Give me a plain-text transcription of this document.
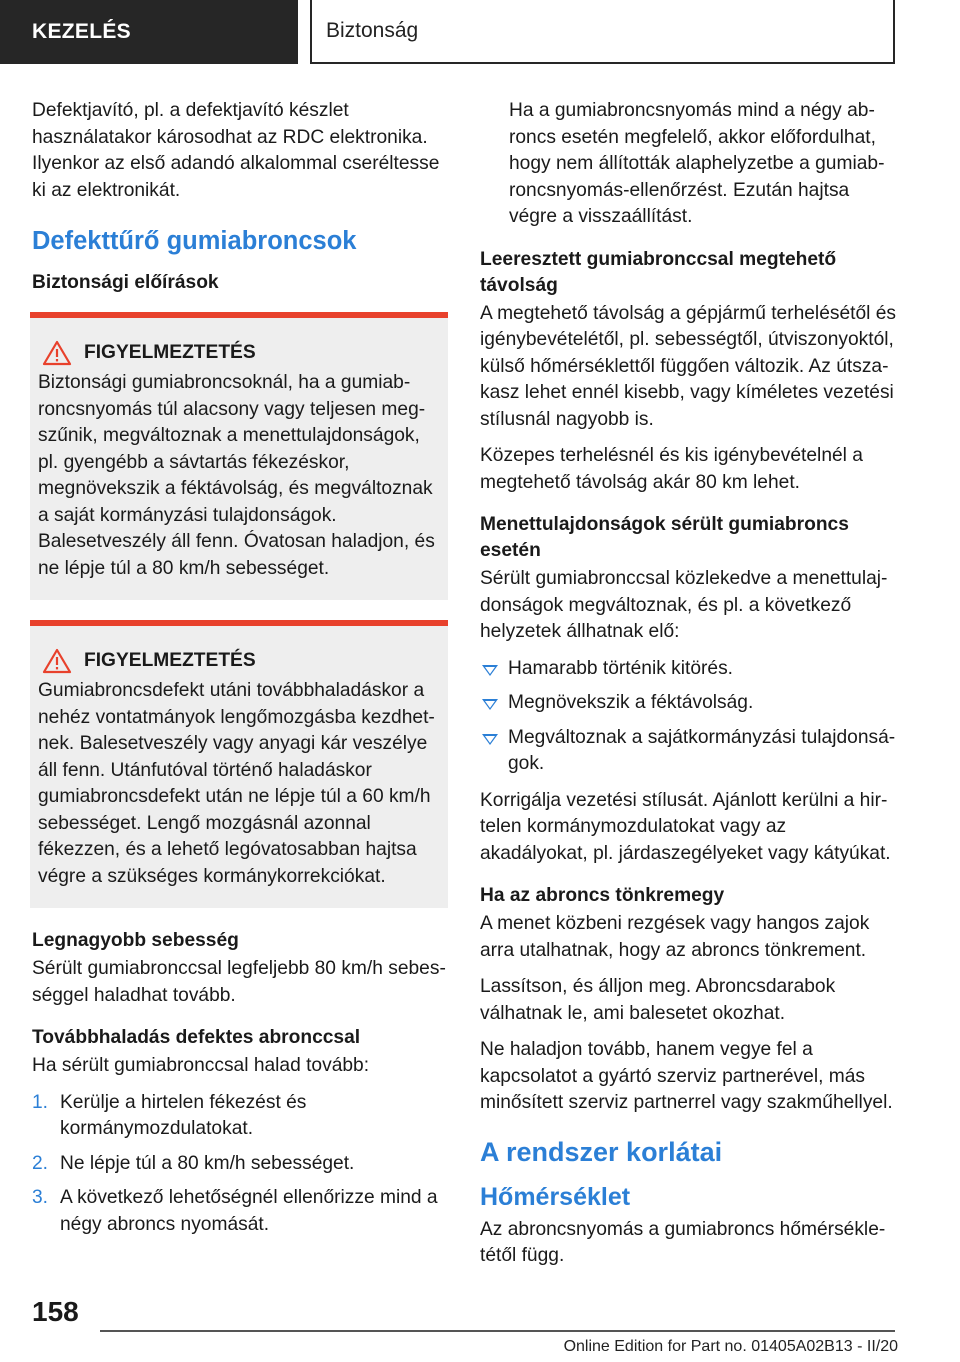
KEZELÉS	Biztonság

Defektjavító, pl. a defektjavító készlet használatakor károsodhat az RDC elektronika. Ilyenkor az első adandó alkalommal cseréltesse ki az elektronikát.

Defekttűrő gumiabroncsok
Biztonsági előírások
FIGYELMEZTETÉS

Biztonsági gumiabroncsoknál, ha a gumiabroncsnyomás túl alacsony vagy teljesen megszűnik, megváltoznak a menettulajdonságok, pl. gyengébb a sávtartás fékezéskor, megnövekszik a féktávolság, és megváltoznak a saját kormányzási tulajdonságok. Balesetveszély áll fenn. Óvatosan haladjon, és ne lépje túl a 80 km/h sebességet.

FIGYELMEZTETÉS

Gumiabroncsdefekt utáni továbbhaladáskor a nehéz vontatmányok lengőmozgásba kezdhetnek. Balesetveszély vagy anyagi kár veszélye áll fenn. Utánfutóval történő haladáskor gumiabroncsdefekt után ne lépje túl a 60 km/h sebességet. Lengő mozgásnál azonnal fékezzen, és a lehető legóvatosabban hajtsa végre a szükséges kormánykorrekciókat.

Legnagyobb sebesség

Sérült gumiabronccsal legfeljebb 80 km/h sebességgel haladhat tovább.

Továbbhaladás defektes abronccsal

Ha sérült gumiabronccsal halad tovább:

1. Kerülje a hirtelen fékezést és kormánymozdulatokat.
2. Ne lépje túl a 80 km/h sebességet.
3. A következő lehetőségnél ellenőrizze mind a négy abroncs nyomását.

Ha a gumiabroncsnyomás mind a négy abroncs esetén megfelelő, akkor előfordulhat, hogy nem állították alaphelyzetbe a gumiabroncsnyomás-ellenőrzést. Ezután hajtsa végre a visszaállítást.

Leeresztett gumiabronccsal megtehető távolság

A megtehető távolság a gépjármű terhelésétől és igénybevételétől, pl. sebességtől, útviszonyoktól, külső hőmérséklettől függően változik. Az útszakasz lehet ennél kisebb, vagy kíméletes vezetési stílusnál nagyobb is.

Közepes terhelésnél és kis igénybevételnél a megtehető távolság akár 80 km lehet.

Menettulajdonságok sérült gumiabroncs esetén

Sérült gumiabronccsal közlekedve a menettulajdonságok megváltoznak, és pl. a következő helyzetek állhatnak elő:

Hamarabb történik kitörés.
Megnövekszik a féktávolság.
Megváltoznak a sajátkormányzási tulajdonságok.

Korrigálja vezetési stílusát. Ajánlott kerülni a hirtelen kormánymozdulatokat vagy az akadályokat, pl. járdaszegélyeket vagy kátyúkat.

Ha az abroncs tönkremegy

A menet közbeni rezgések vagy hangos zajok arra utalhatnak, hogy az abroncs tönkrement.

Lassítson, és álljon meg. Abroncsdarabok válhatnak le, ami balesetet okozhat.

Ne haladjon tovább, hanem vegye fel a kapcsolatot a gyártó szerviz partnerével, más minősített szerviz partnerrel vagy szakműhellyel.

A rendszer korlátai
Hőmérséklet

Az abroncsnyomás a gumiabroncs hőmérsékletétől függ.

158
Online Edition for Part no. 01405A02B13 - II/20
